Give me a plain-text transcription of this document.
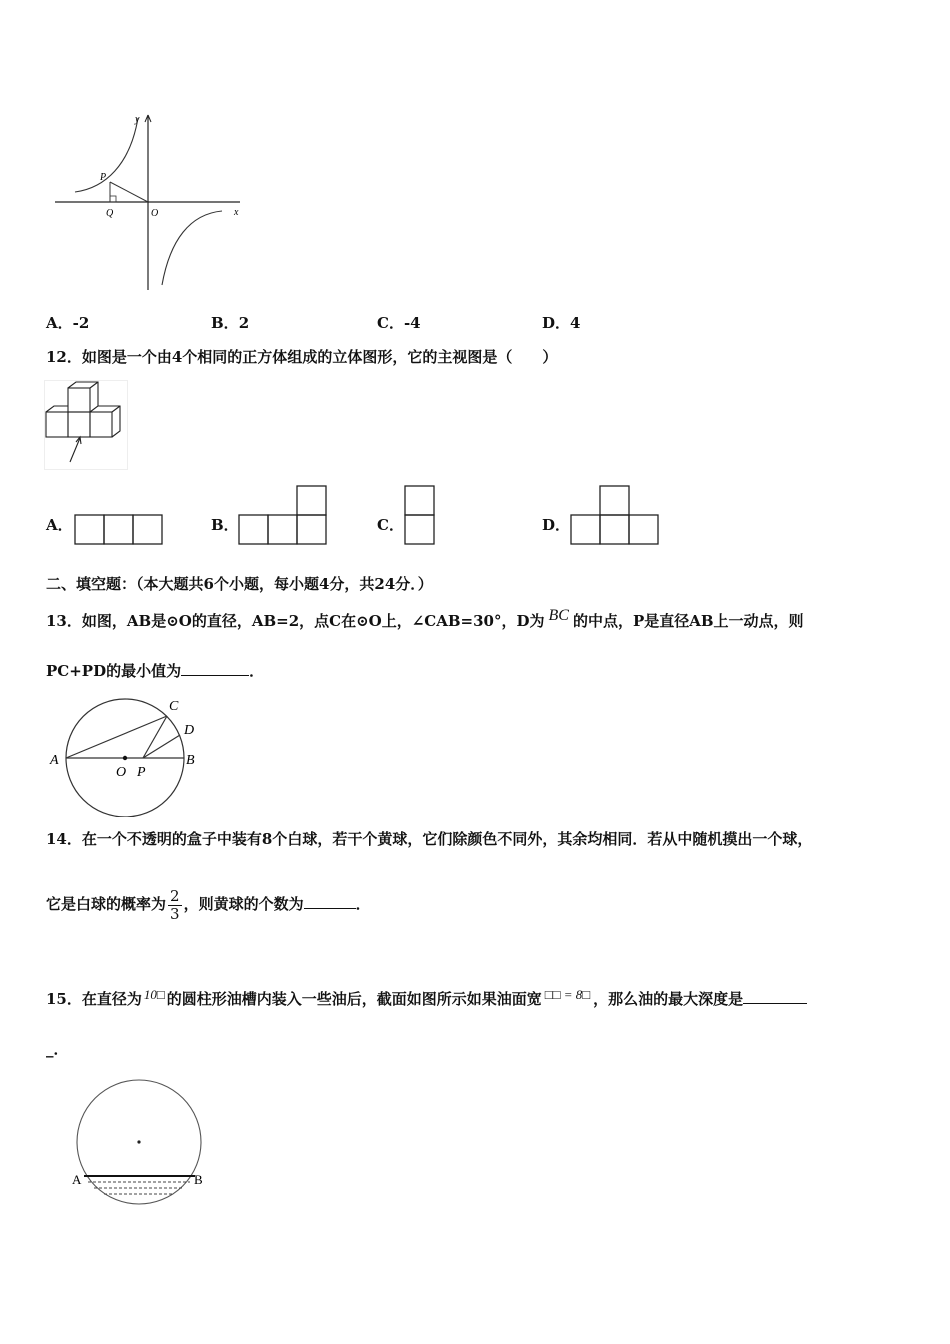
y
x
P
Q	O
A．-2	B．2	C．-4	D．4
12．如图是一个由4个相同的正方体组成的立体图形，它的主视图是（　　）
A．	B．	C．	D．
二、填空题：（本大题共6个小题，每小题4分，共24分．）
13．如图，AB是⊙O的直径，AB=2，点C在⊙O上，∠CAB=30°，D为 BC 的中点，P是直径AB上一动点，则
PC+PD的最小值为	．
A	B
C
D
O P
14．在一个不透明的盒子中装有8个白球，若干个黄球，它们除颜色不同外，其余均相同．若从中随机摸出一个球，
它是白球的概率为 $\frac{2}{3}$ ，则黄球的个数为	．
15．在直径为 10□ 的圆柱形油槽内装入一些油后，截面如图所示如果油面宽 □□ = 8□ ，那么油的最大深度是
_．
A	B
